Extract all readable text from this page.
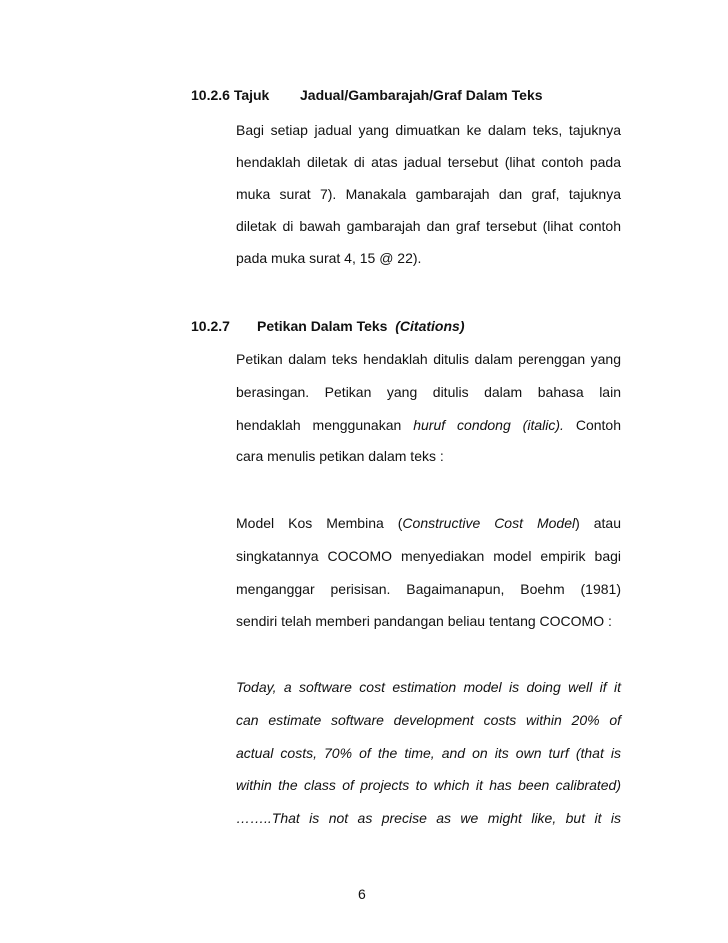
10.2.6 Tajuk Jadual/Gambarajah/Graf Dalam Teks
Bagi setiap jadual yang dimuatkan ke dalam teks, tajuknya
hendaklah diletak di atas jadual tersebut (lihat contoh pada
muka surat 7). Manakala gambarajah dan graf, tajuknya
diletak di bawah gambarajah dan graf tersebut (lihat contoh
pada muka surat 4, 15 @ 22).
10.2.7 Petikan Dalam Teks (Citations)
Petikan dalam teks hendaklah ditulis dalam perenggan yang
berasingan. Petikan yang ditulis dalam bahasa lain
hendaklah menggunakan huruf condong (italic). Contoh
cara menulis petikan dalam teks :
Model Kos Membina (Constructive Cost Model) atau
singkatannya COCOMO menyediakan model empirik bagi
menganggar perisisan. Bagaimanapun, Boehm (1981)
sendiri telah memberi pandangan beliau tentang COCOMO :
Today, a software cost estimation model is doing well if it
can estimate software development costs within 20% of
actual costs, 70% of the time, and on its own turf (that is
within the class of projects to which it has been calibrated)
……..That is not as precise as we might like, but it is
6
